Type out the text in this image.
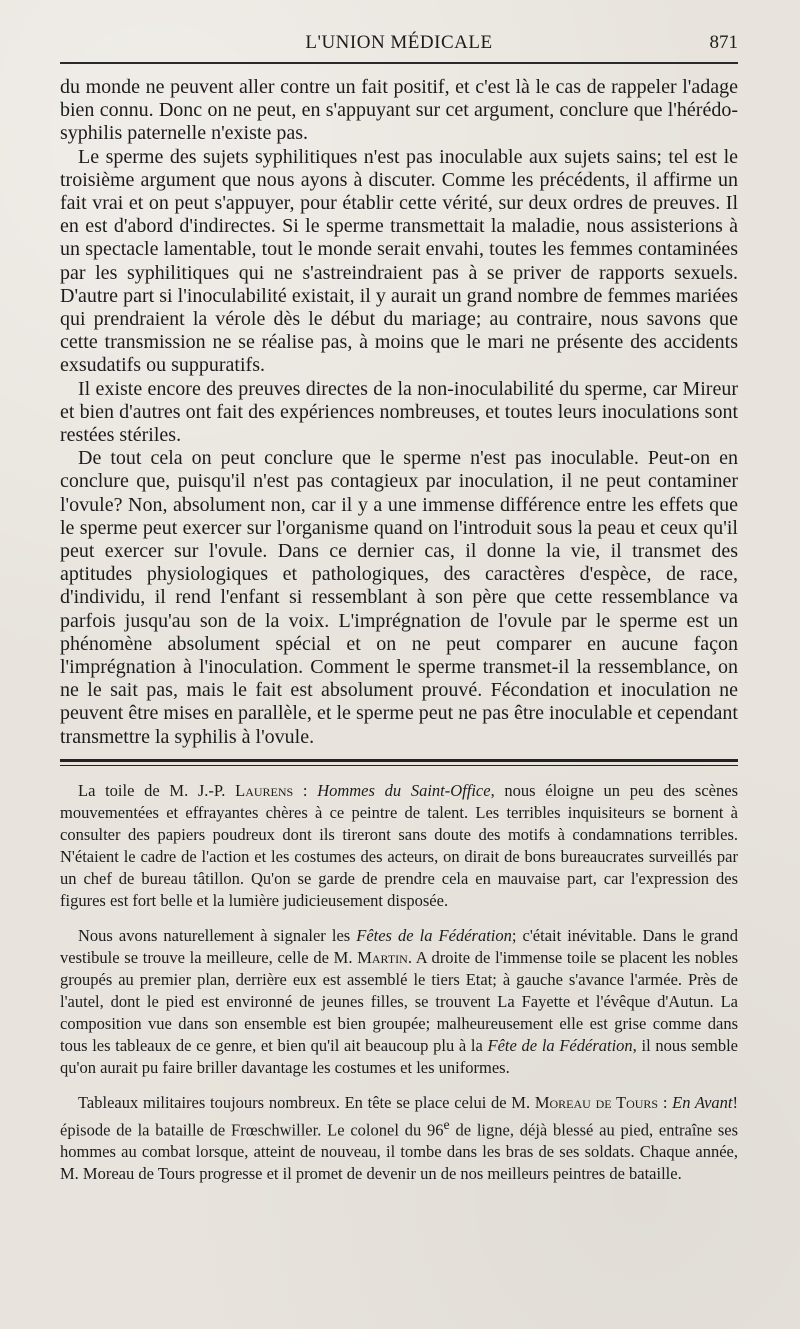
L'UNION MÉDICALE	871

du monde ne peuvent aller contre un fait positif, et c'est là le cas de rappeler l'adage bien connu. Donc on ne peut, en s'appuyant sur cet argument, conclure que l'hérédo-syphilis paternelle n'existe pas.

Le sperme des sujets syphilitiques n'est pas inoculable aux sujets sains; tel est le troisième argument que nous ayons à discuter. Comme les précédents, il affirme un fait vrai et on peut s'appuyer, pour établir cette vérité, sur deux ordres de preuves. Il en est d'abord d'indirectes. Si le sperme transmettait la maladie, nous assisterions à un spectacle lamentable, tout le monde serait envahi, toutes les femmes contaminées par les syphilitiques qui ne s'astreindraient pas à se priver de rapports sexuels. D'autre part si l'inoculabilité existait, il y aurait un grand nombre de femmes mariées qui prendraient la vérole dès le début du mariage; au contraire, nous savons que cette transmission ne se réalise pas, à moins que le mari ne présente des accidents exsudatifs ou suppuratifs.

Il existe encore des preuves directes de la non-inoculabilité du sperme, car Mireur et bien d'autres ont fait des expériences nombreuses, et toutes leurs inoculations sont restées stériles.

De tout cela on peut conclure que le sperme n'est pas inoculable. Peut-on en conclure que, puisqu'il n'est pas contagieux par inoculation, il ne peut contaminer l'ovule? Non, absolument non, car il y a une immense différence entre les effets que le sperme peut exercer sur l'organisme quand on l'introduit sous la peau et ceux qu'il peut exercer sur l'ovule. Dans ce dernier cas, il donne la vie, il transmet des aptitudes physiologiques et pathologiques, des caractères d'espèce, de race, d'individu, il rend l'enfant si ressemblant à son père que cette ressemblance va parfois jusqu'au son de la voix. L'imprégnation de l'ovule par le sperme est un phénomène absolument spécial et on ne peut comparer en aucune façon l'imprégnation à l'inoculation. Comment le sperme transmet-il la ressemblance, on ne le sait pas, mais le fait est absolument prouvé. Fécondation et inoculation ne peuvent être mises en parallèle, et le sperme peut ne pas être inoculable et cependant transmettre la syphilis à l'ovule.

La toile de M. J.-P. Laurens : Hommes du Saint-Office, nous éloigne un peu des scènes mouvementées et effrayantes chères à ce peintre de talent. Les terribles inquisiteurs se bornent à consulter des papiers poudreux dont ils tireront sans doute des motifs à condamnations terribles. N'étaient le cadre de l'action et les costumes des acteurs, on dirait de bons bureaucrates surveillés par un chef de bureau tâtillon. Qu'on se garde de prendre cela en mauvaise part, car l'expression des figures est fort belle et la lumière judicieusement disposée.

Nous avons naturellement à signaler les Fêtes de la Fédération; c'était inévitable. Dans le grand vestibule se trouve la meilleure, celle de M. Martin. A droite de l'immense toile se placent les nobles groupés au premier plan, derrière eux est assemblé le tiers Etat; à gauche s'avance l'armée. Près de l'autel, dont le pied est environné de jeunes filles, se trouvent La Fayette et l'évêque d'Autun. La composition vue dans son ensemble est bien groupée; malheureusement elle est grise comme dans tous les tableaux de ce genre, et bien qu'il ait beaucoup plu à la Fête de la Fédération, il nous semble qu'on aurait pu faire briller davantage les costumes et les uniformes.

Tableaux militaires toujours nombreux. En tête se place celui de M. Moreau de Tours : En Avant! épisode de la bataille de Frœschwiller. Le colonel du 96e de ligne, déjà blessé au pied, entraîne ses hommes au combat lorsque, atteint de nouveau, il tombe dans les bras de ses soldats. Chaque année, M. Moreau de Tours progresse et il promet de devenir un de nos meilleurs peintres de bataille.
